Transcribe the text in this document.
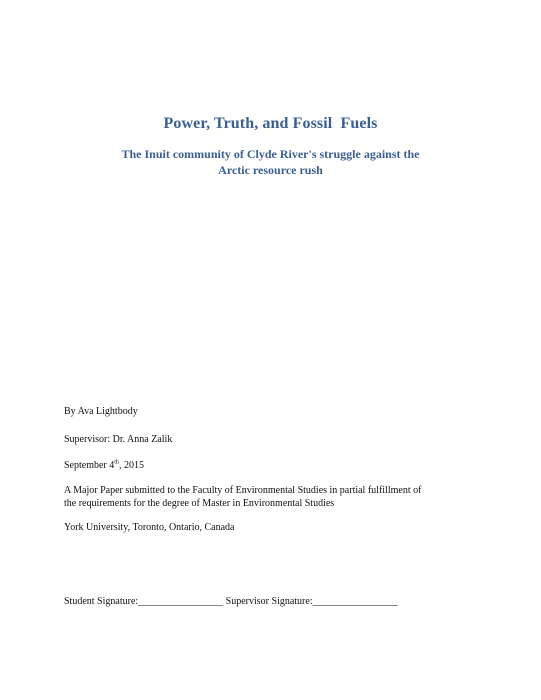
Power, Truth, and Fossil  Fuels
The Inuit community of Clyde River's struggle against the
Arctic resource rush
By Ava Lightbody
Supervisor: Dr. Anna Zalik
September 4th, 2015
A Major Paper submitted to the Faculty of Environmental Studies in partial fulfillment of
the requirements for the degree of Master in Environmental Studies
York University, Toronto, Ontario, Canada
Student Signature:_________________ Supervisor Signature:_________________
